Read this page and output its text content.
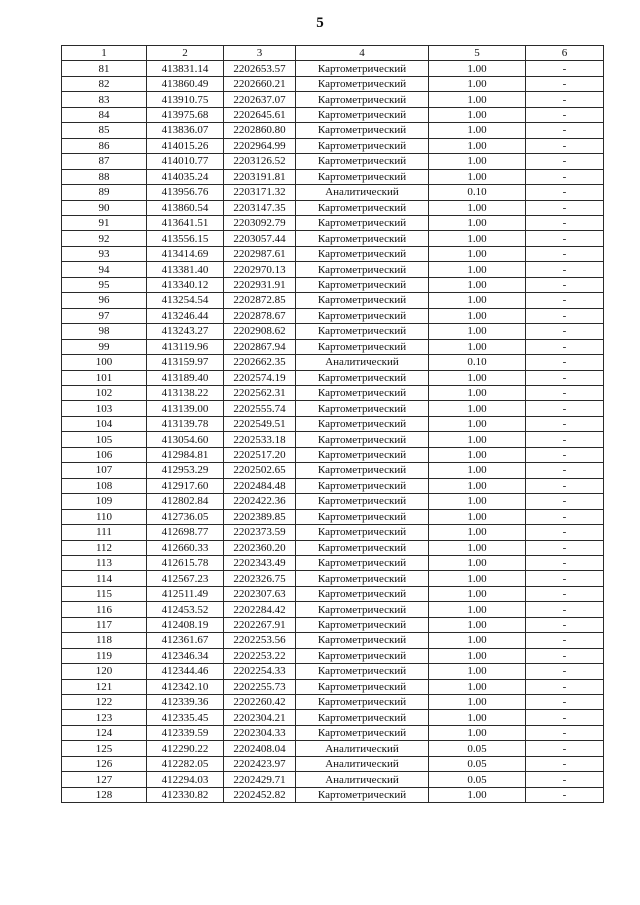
5
1	2	3	4	5	6
81	413831.14	2202653.57	Картометрический	1.00	-
82	413860.49	2202660.21	Картометрический	1.00	-
83	413910.75	2202637.07	Картометрический	1.00	-
84	413975.68	2202645.61	Картометрический	1.00	-
85	413836.07	2202860.80	Картометрический	1.00	-
86	414015.26	2202964.99	Картометрический	1.00	-
87	414010.77	2203126.52	Картометрический	1.00	-
88	414035.24	2203191.81	Картометрический	1.00	-
89	413956.76	2203171.32	Аналитический	0.10	-
90	413860.54	2203147.35	Картометрический	1.00	-
91	413641.51	2203092.79	Картометрический	1.00	-
92	413556.15	2203057.44	Картометрический	1.00	-
93	413414.69	2202987.61	Картометрический	1.00	-
94	413381.40	2202970.13	Картометрический	1.00	-
95	413340.12	2202931.91	Картометрический	1.00	-
96	413254.54	2202872.85	Картометрический	1.00	-
97	413246.44	2202878.67	Картометрический	1.00	-
98	413243.27	2202908.62	Картометрический	1.00	-
99	413119.96	2202867.94	Картометрический	1.00	-
100	413159.97	2202662.35	Аналитический	0.10	-
101	413189.40	2202574.19	Картометрический	1.00	-
102	413138.22	2202562.31	Картометрический	1.00	-
103	413139.00	2202555.74	Картометрический	1.00	-
104	413139.78	2202549.51	Картометрический	1.00	-
105	413054.60	2202533.18	Картометрический	1.00	-
106	412984.81	2202517.20	Картометрический	1.00	-
107	412953.29	2202502.65	Картометрический	1.00	-
108	412917.60	2202484.48	Картометрический	1.00	-
109	412802.84	2202422.36	Картометрический	1.00	-
110	412736.05	2202389.85	Картометрический	1.00	-
111	412698.77	2202373.59	Картометрический	1.00	-
112	412660.33	2202360.20	Картометрический	1.00	-
113	412615.78	2202343.49	Картометрический	1.00	-
114	412567.23	2202326.75	Картометрический	1.00	-
115	412511.49	2202307.63	Картометрический	1.00	-
116	412453.52	2202284.42	Картометрический	1.00	-
117	412408.19	2202267.91	Картометрический	1.00	-
118	412361.67	2202253.56	Картометрический	1.00	-
119	412346.34	2202253.22	Картометрический	1.00	-
120	412344.46	2202254.33	Картометрический	1.00	-
121	412342.10	2202255.73	Картометрический	1.00	-
122	412339.36	2202260.42	Картометрический	1.00	-
123	412335.45	2202304.21	Картометрический	1.00	-
124	412339.59	2202304.33	Картометрический	1.00	-
125	412290.22	2202408.04	Аналитический	0.05	-
126	412282.05	2202423.97	Аналитический	0.05	-
127	412294.03	2202429.71	Аналитический	0.05	-
128	412330.82	2202452.82	Картометрический	1.00	-
